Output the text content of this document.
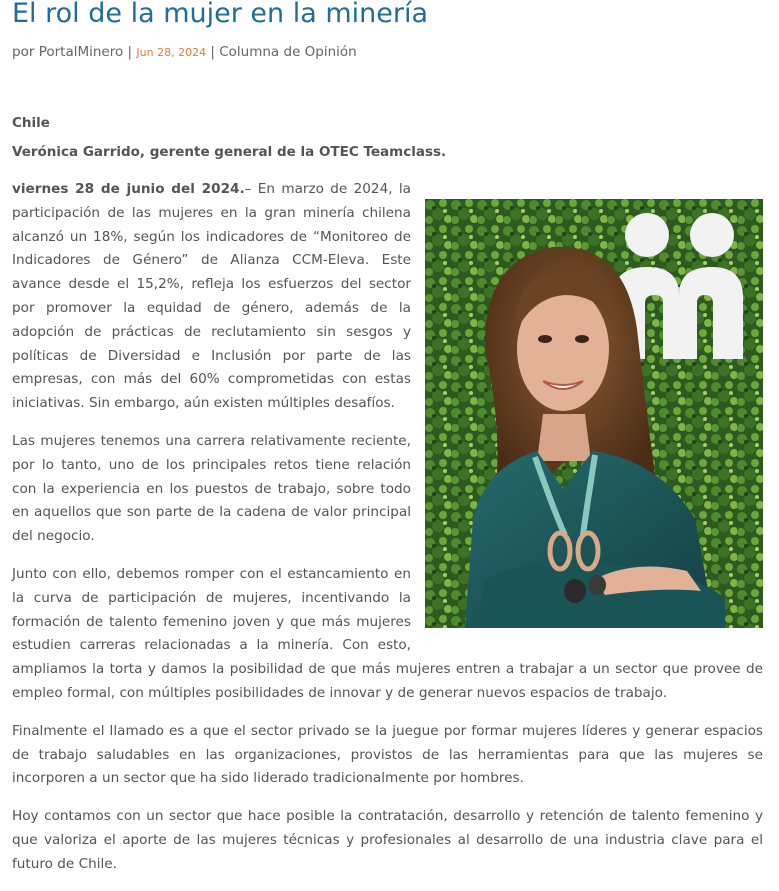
El rol de la mujer en la minería
por PortalMinero | Jun 28, 2024 | Columna de Opinión
Chile
Verónica Garrido, gerente general de la OTEC Teamclass.

viernes 28 de junio del 2024.– En marzo de 2024, la participación de las mujeres en la gran minería chilena alcanzó un 18%, según los indicadores de “Monitoreo de Indicadores de Género” de Alianza CCM-Eleva. Este avance desde el 15,2%, refleja los esfuerzos del sector por promover la equidad de género, además de la adopción de prácticas de reclutamiento sin sesgos y políticas de Diversidad e Inclusión por parte de las empresas, con más del 60% comprometidas con estas iniciativas. Sin embargo, aún existen múltiples desafíos.

Las mujeres tenemos una carrera relativamente reciente, por lo tanto, uno de los principales retos tiene relación con la experiencia en los puestos de trabajo, sobre todo en aquellos que son parte de la cadena de valor principal del negocio.

Junto con ello, debemos romper con el estancamiento en la curva de participación de mujeres, incentivando la formación de talento femenino joven y que más mujeres estudien carreras relacionadas a la minería. Con esto, ampliamos la torta y damos la posibilidad de que más mujeres entren a trabajar a un sector que provee de empleo formal, con múltiples posibilidades de innovar y de generar nuevos espacios de trabajo.

Finalmente el llamado es a que el sector privado se la juegue por formar mujeres líderes y generar espacios de trabajo saludables en las organizaciones, provistos de las herramientas para que las mujeres se incorporen a un sector que ha sido liderado tradicionalmente por hombres.

Hoy contamos con un sector que hace posible la contratación, desarrollo y retención de talento femenino y que valoriza el aporte de las mujeres técnicas y profesionales al desarrollo de una industria clave para el futuro de Chile.
